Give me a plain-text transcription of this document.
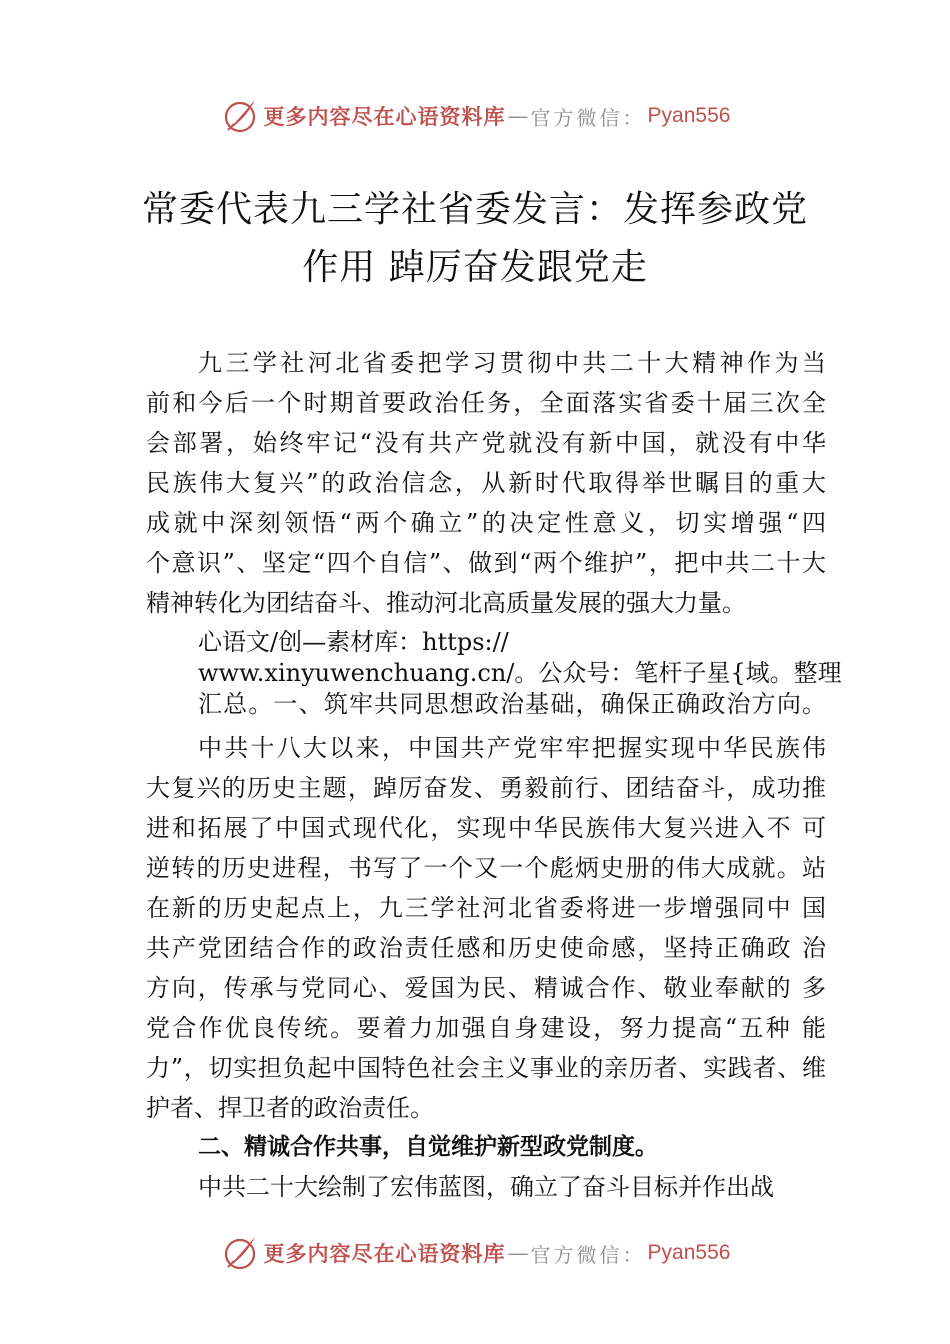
更多内容尽在心语资料库 — 官方微信： Pyan556
常委代表九三学社省委发言：发挥参政党
作用 踔厉奋发跟党走
九三学社河北省委把学习贯彻中共二十大精神作为当
前和今后一个时期首要政治任务，全面落实省委十届三次全
会部署，始终牢记“没有共产党就没有新中国，就没有中华
民族伟大复兴”的政治信念，从新时代取得举世瞩目的重大
成就中深刻领悟“两个确立”的决定性意义，切实增强“四
个意识”、坚定“四个自信”、做到“两个维护”，把中共二十大
精神转化为团结奋斗、推动河北高质量发展的强大力量。
心语文/创—素材库：https://
www.xinyuwenchuang.cn/。公众号：笔杆子星{域。整理
汇总。一、筑牢共同思想政治基础，确保正确政治方向。
中共十八大以来，中国共产党牢牢把握实现中华民族伟
大复兴的历史主题，踔厉奋发、勇毅前行、团结奋斗，成功推
进和拓展了中国式现代化，实现中华民族伟大复兴进入不 可
逆转的历史进程，书写了一个又一个彪炳史册的伟大成就。站
在新的历史起点上，九三学社河北省委将进一步增强同中 国
共产党团结合作的政治责任感和历史使命感，坚持正确政 治
方向，传承与党同心、爱国为民、精诚合作、敬业奉献的 多
党合作优良传统。要着力加强自身建设，努力提高“五种 能
力”，切实担负起中国特色社会主义事业的亲历者、实践者、维
护者、捍卫者的政治责任。
二、精诚合作共事，自觉维护新型政党制度。
中共二十大绘制了宏伟蓝图，确立了奋斗目标并作出战
更多内容尽在心语资料库 — 官方微信： Pyan556
